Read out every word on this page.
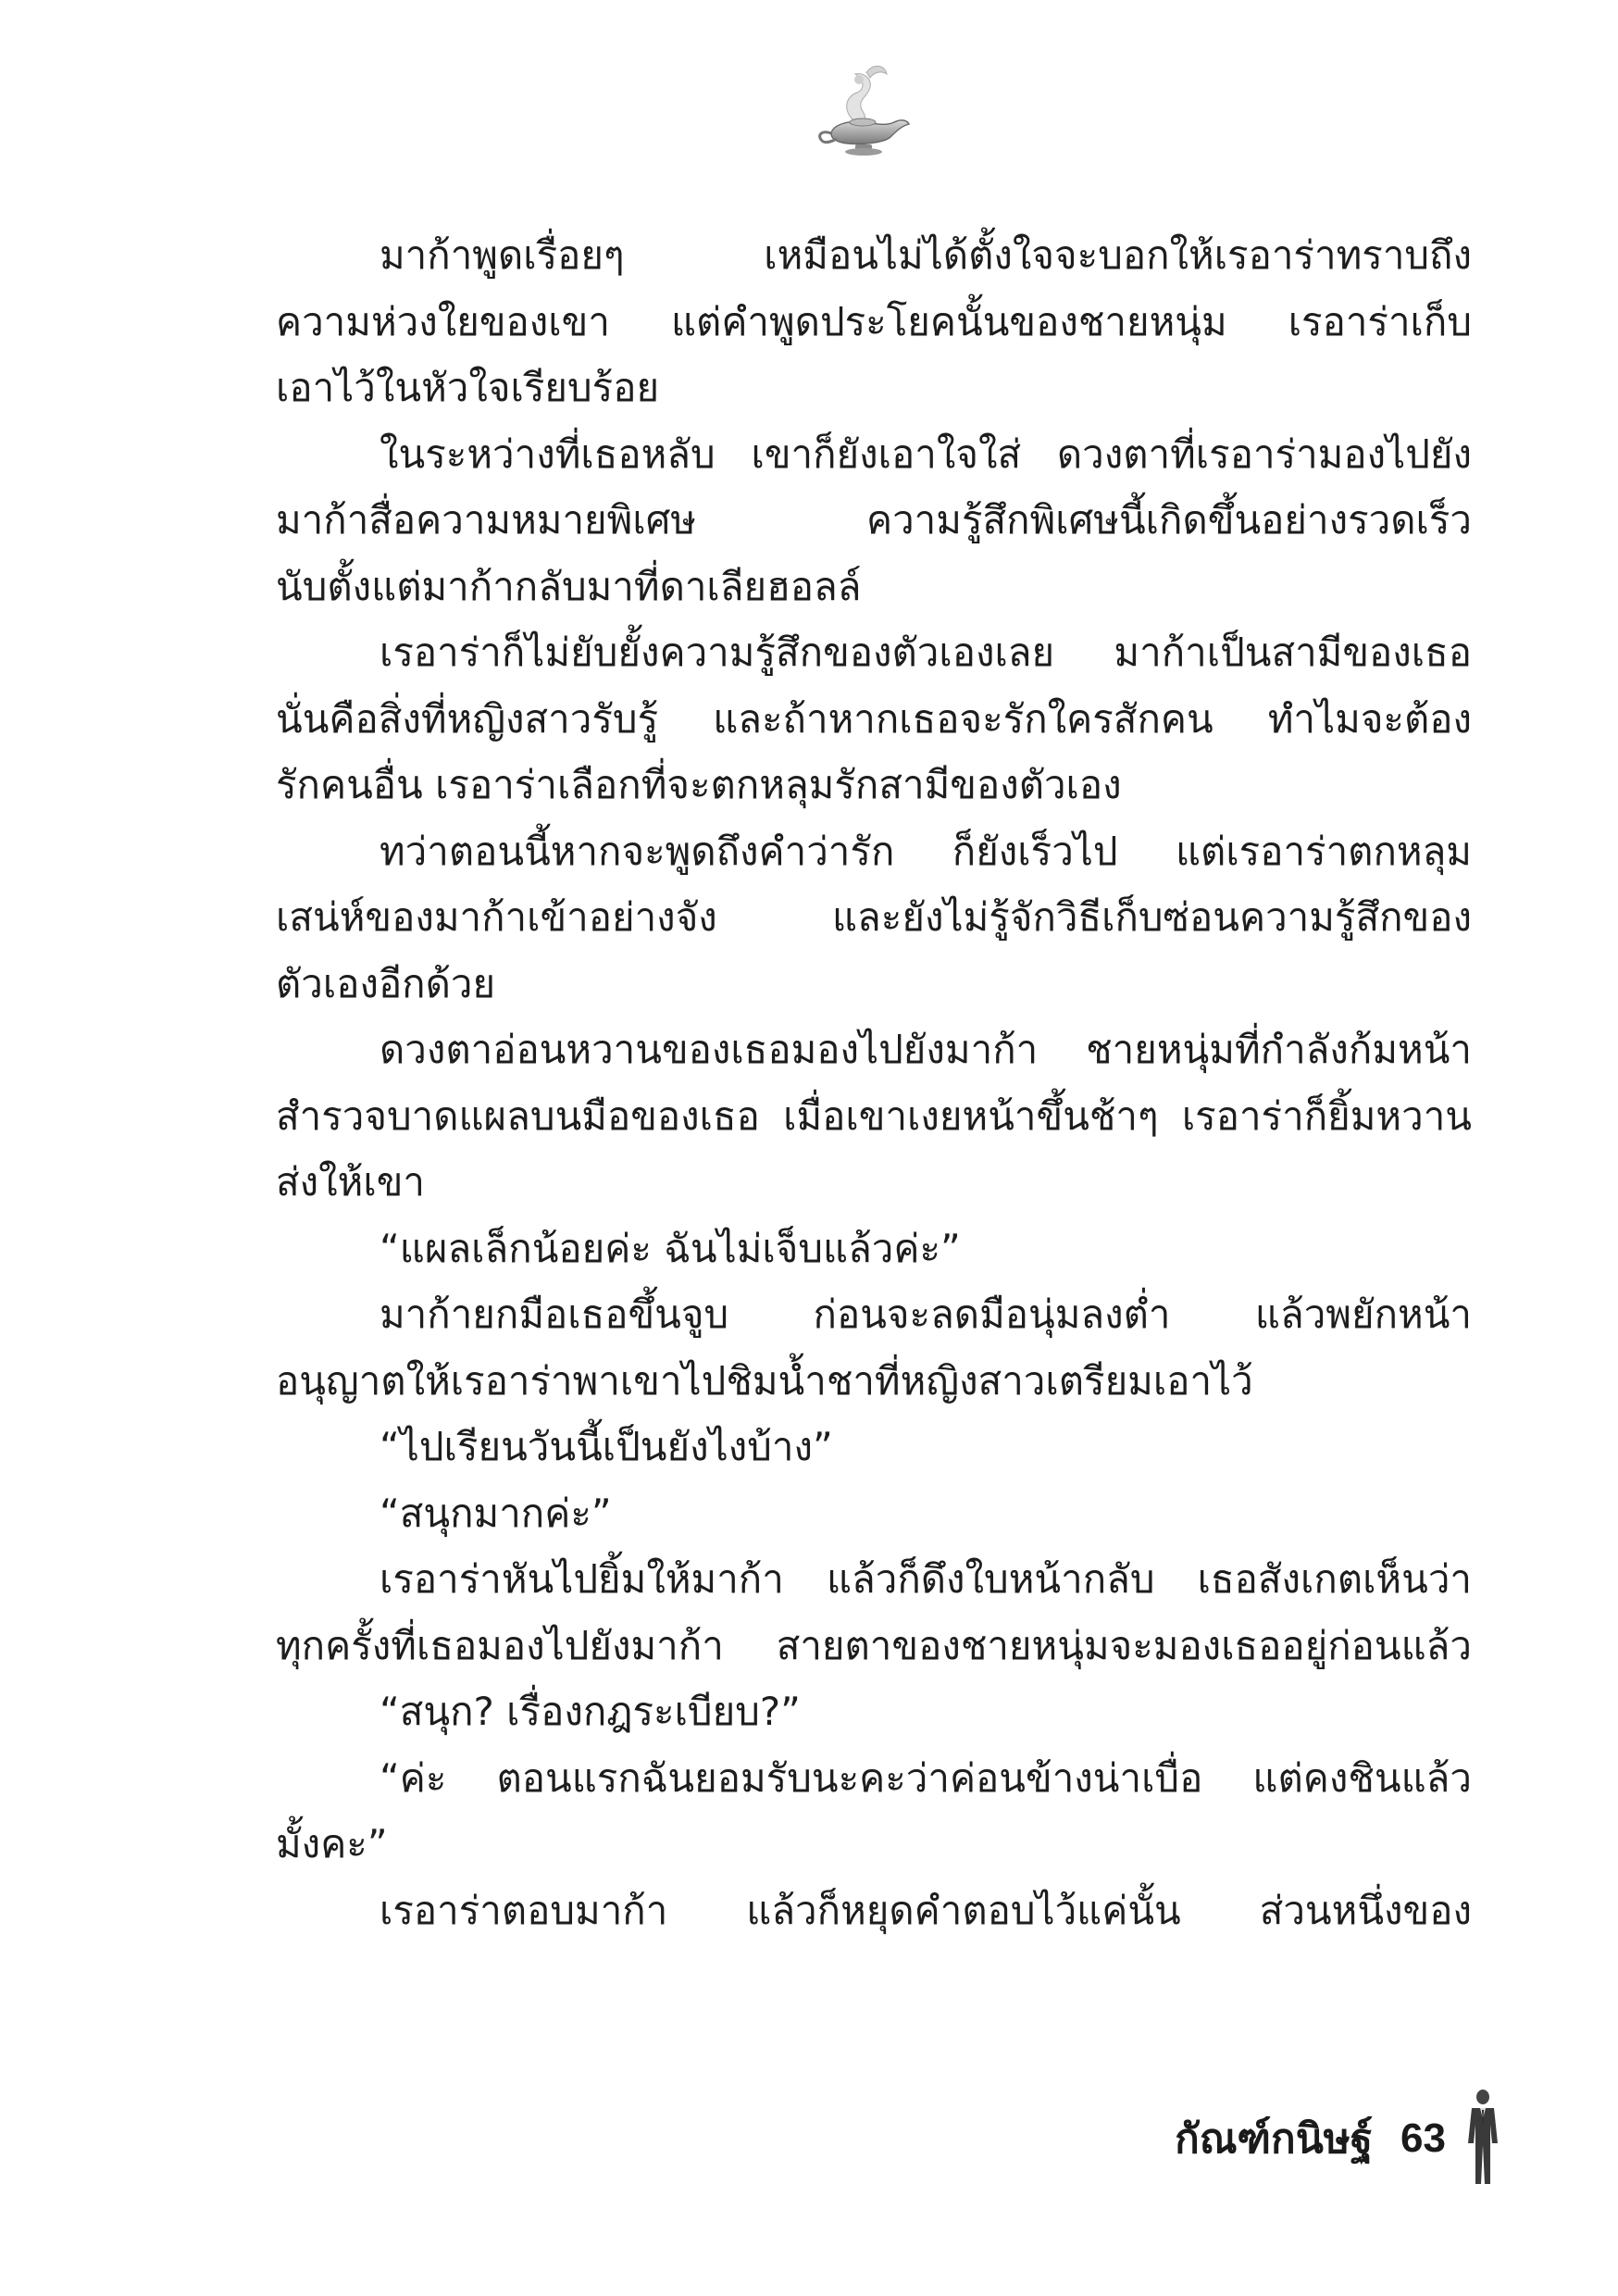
มาก้าพูดเรื่อยๆ เหมือนไม่ได้ตั้งใจจะบอกให้เรอาร่าทราบถึง
ความห่วงใยของเขา แต่คำพูดประโยคนั้นของชายหนุ่ม เรอาร่าเก็บ
เอาไว้ในหัวใจเรียบร้อย
ในระหว่างที่เธอหลับ เขาก็ยังเอาใจใส่ ดวงตาที่เรอาร่ามองไปยัง
มาก้าสื่อความหมายพิเศษ ความรู้สึกพิเศษนี้เกิดขึ้นอย่างรวดเร็ว
นับตั้งแต่มาก้ากลับมาที่ดาเลียฮอลล์
เรอาร่าก็ไม่ยับยั้งความรู้สึกของตัวเองเลย มาก้าเป็นสามีของเธอ
นั่นคือสิ่งที่หญิงสาวรับรู้ และถ้าหากเธอจะรักใครสักคน ทำไมจะต้อง
รักคนอื่น เรอาร่าเลือกที่จะตกหลุมรักสามีของตัวเอง
ทว่าตอนนี้หากจะพูดถึงคำว่ารัก ก็ยังเร็วไป แต่เรอาร่าตกหลุม
เสน่ห์ของมาก้าเข้าอย่างจัง และยังไม่รู้จักวิธีเก็บซ่อนความรู้สึกของ
ตัวเองอีกด้วย
ดวงตาอ่อนหวานของเธอมองไปยังมาก้า ชายหนุ่มที่กำลังก้มหน้า
สำรวจบาดแผลบนมือของเธอ เมื่อเขาเงยหน้าขึ้นช้าๆ เรอาร่าก็ยิ้มหวาน
ส่งให้เขา
“แผลเล็กน้อยค่ะ ฉันไม่เจ็บแล้วค่ะ”
มาก้ายกมือเธอขึ้นจูบ ก่อนจะลดมือนุ่มลงต่ำ แล้วพยักหน้า
อนุญาตให้เรอาร่าพาเขาไปชิมน้ำชาที่หญิงสาวเตรียมเอาไว้
“ไปเรียนวันนี้เป็นยังไงบ้าง”
“สนุกมากค่ะ”
เรอาร่าหันไปยิ้มให้มาก้า แล้วก็ดึงใบหน้ากลับ เธอสังเกตเห็นว่า
ทุกครั้งที่เธอมองไปยังมาก้า สายตาของชายหนุ่มจะมองเธออยู่ก่อนแล้ว
“สนุก? เรื่องกฎระเบียบ?”
“ค่ะ ตอนแรกฉันยอมรับนะคะว่าค่อนข้างน่าเบื่อ แต่คงชินแล้ว
มั้งคะ”
เรอาร่าตอบมาก้า แล้วก็หยุดคำตอบไว้แค่นั้น ส่วนหนึ่งของ
กัณฑ์กนิษฐ์ 63
